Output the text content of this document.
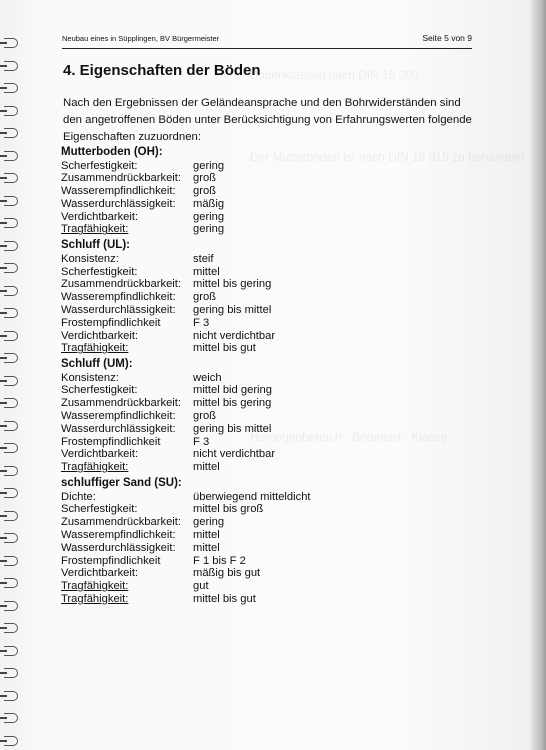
Bodenklassen nach DIN 18 300
Der Mutterboden ist nach DIN 18 915 zu behandeln
Homogenbereich · Bodenart · Klasse
Neubau eines in Süpplingen, BV Bürgermeister	Seite 5 von 9
4. Eigenschaften der Böden

Nach den Ergebnissen der Geländeansprache und den Bohrwiderständen sind den angetroffenen Böden unter Berücksichtigung von Erfahrungswerten folgende Eigenschaften zuzuordnen:

Mutterboden (OH):
Scherfestigkeit:	gering
Zusammendrückbarkeit:	groß
Wasserempfindlichkeit:	groß
Wasserdurchlässigkeit:	mäßig
Verdichtbarkeit:	gering
Tragfähigkeit:	gering
Schluff (UL):
Konsistenz:	steif
Scherfestigkeit:	mittel
Zusammendrückbarkeit:	mittel bis gering
Wasserempfindlichkeit:	groß
Wasserdurchlässigkeit:	gering bis mittel
Frostempfindlichkeit	F 3
Verdichtbarkeit:	nicht verdichtbar
Tragfähigkeit:	mittel bis gut
Schluff (UM):
Konsistenz:	weich
Scherfestigkeit:	mittel bid gering
Zusammendrückbarkeit:	mittel bis gering
Wasserempfindlichkeit:	groß
Wasserdurchlässigkeit:	gering bis mittel
Frostempfindlichkeit	F 3
Verdichtbarkeit:	nicht verdichtbar
Tragfähigkeit:	mittel
schluffiger Sand (SU):
Dichte:	überwiegend mitteldicht
Scherfestigkeit:	mittel bis groß
Zusammendrückbarkeit:	gering
Wasserempfindlichkeit:	mittel
Wasserdurchlässigkeit:	mittel
Frostempfindlichkeit	F 1 bis F 2
Verdichtbarkeit:	mäßig bis gut
Tragfähigkeit:	gut
Tragfähigkeit:	mittel bis gut
